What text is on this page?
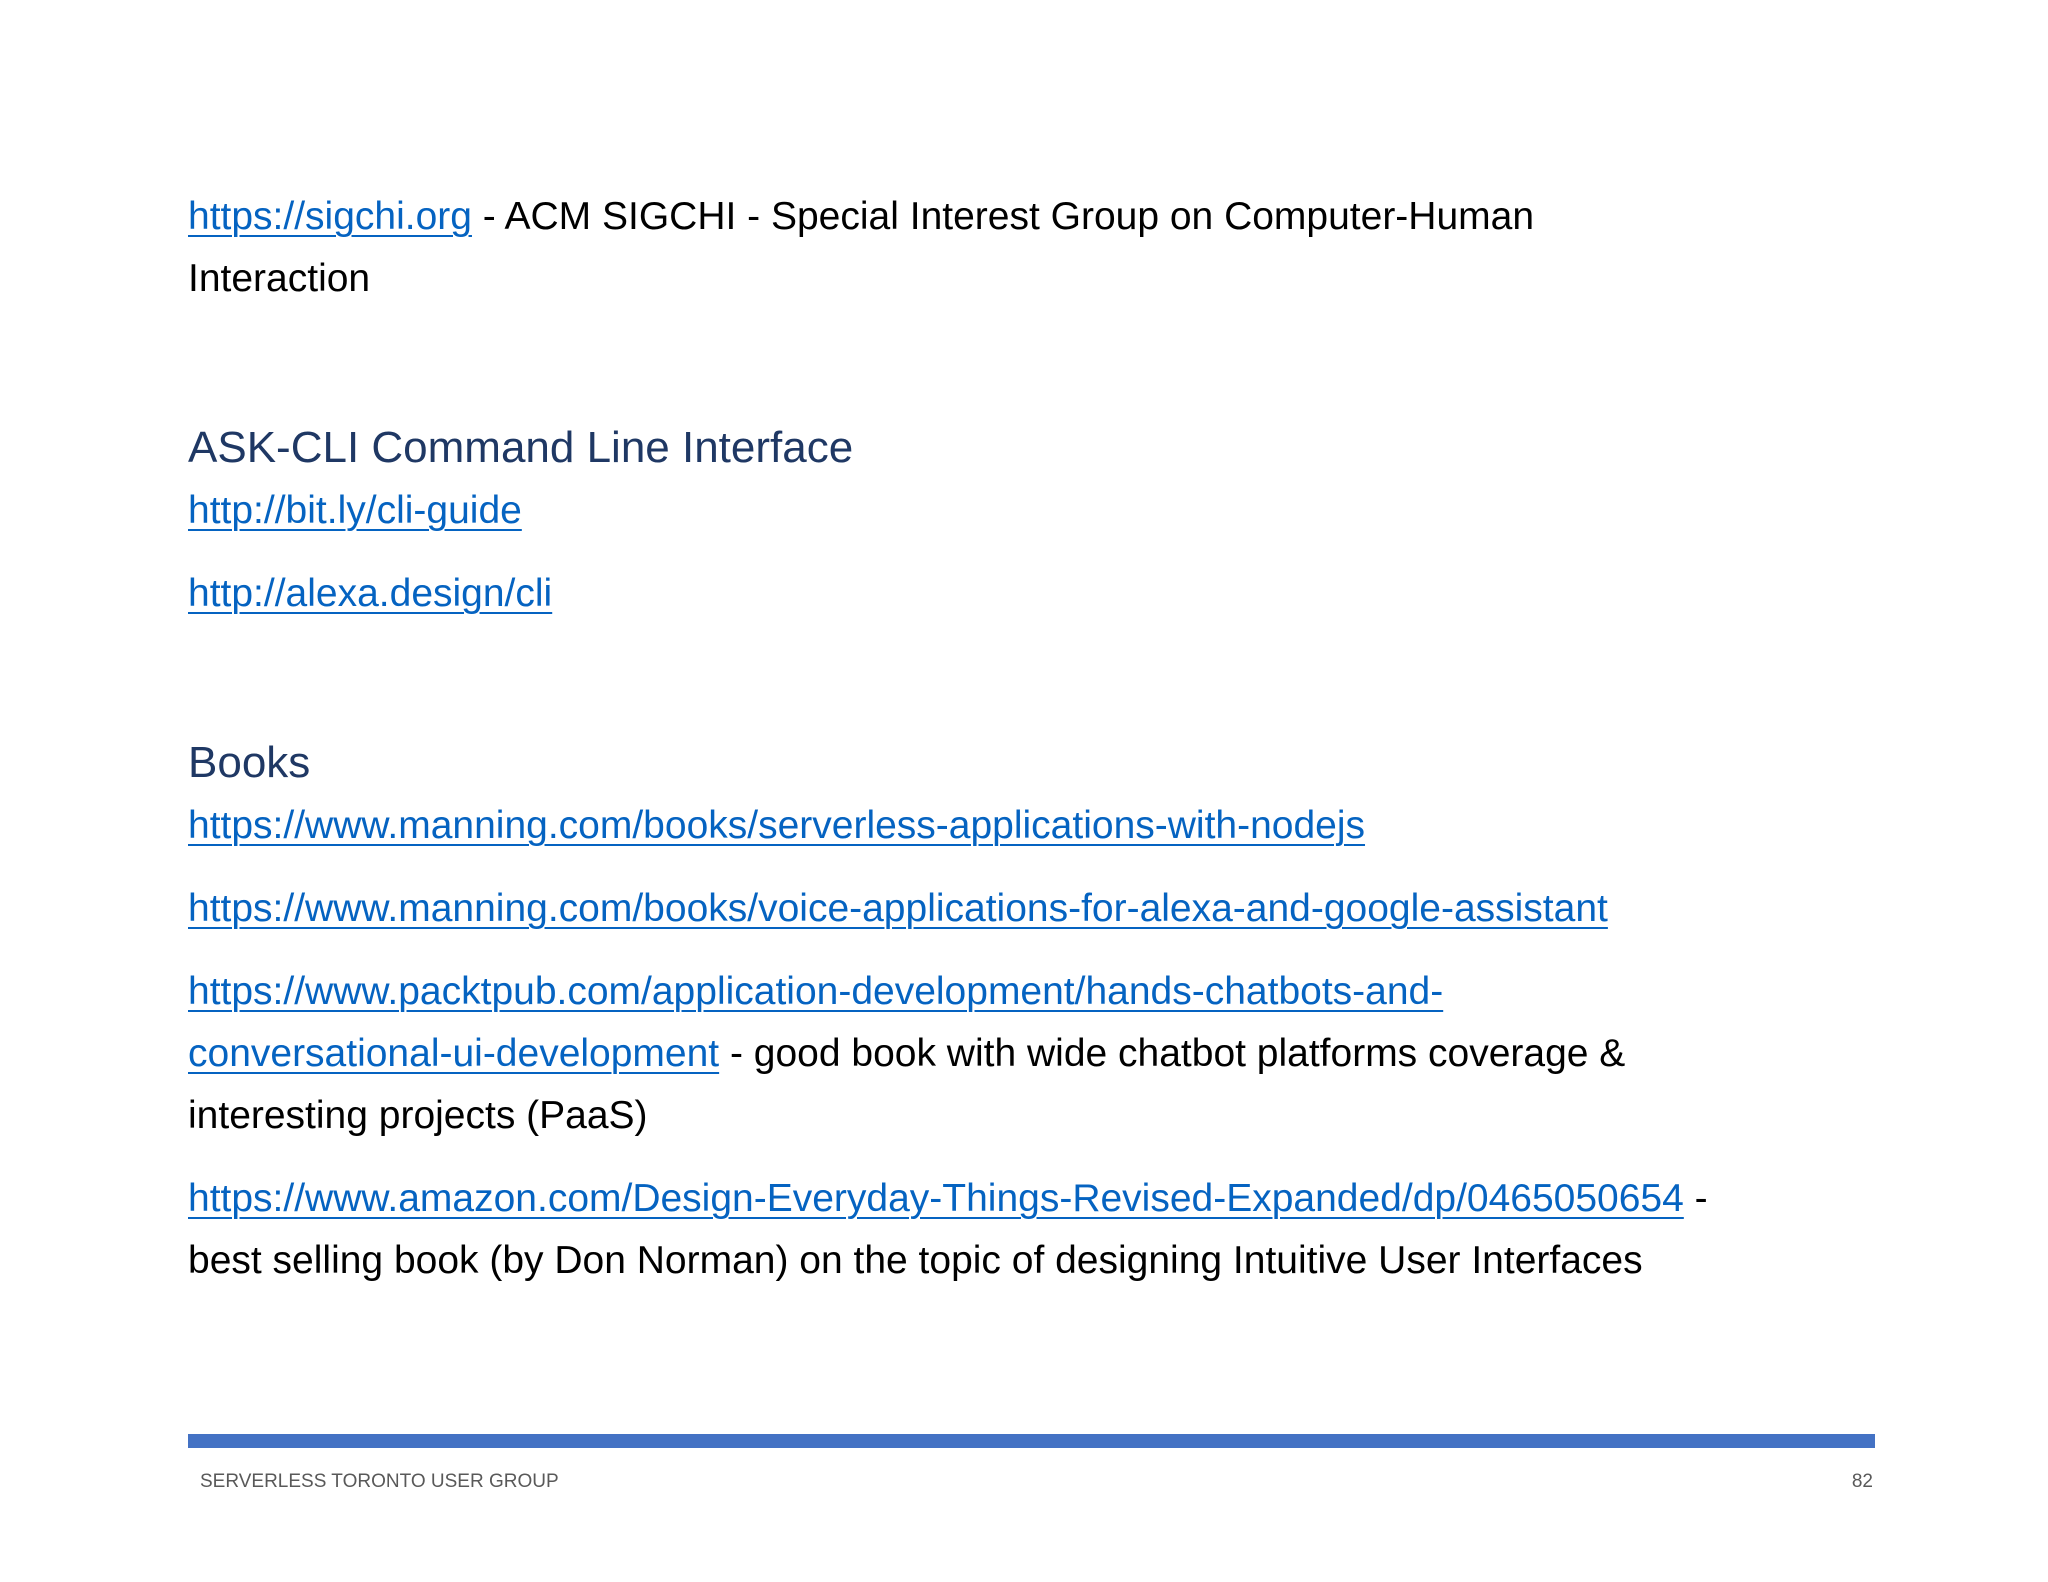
https://sigchi.org - ACM SIGCHI - Special Interest Group on Computer-Human
Interaction
ASK-CLI Command Line Interface
http://bit.ly/cli-guide
http://alexa.design/cli
Books
https://www.manning.com/books/serverless-applications-with-nodejs
https://www.manning.com/books/voice-applications-for-alexa-and-google-assistant
https://www.packtpub.com/application-development/hands-chatbots-and-
conversational-ui-development - good book with wide chatbot platforms coverage &
interesting projects (PaaS)
https://www.amazon.com/Design-Everyday-Things-Revised-Expanded/dp/0465050654 -
best selling book (by Don Norman) on the topic of designing Intuitive User Interfaces
SERVERLESS TORONTO USER GROUP	82
